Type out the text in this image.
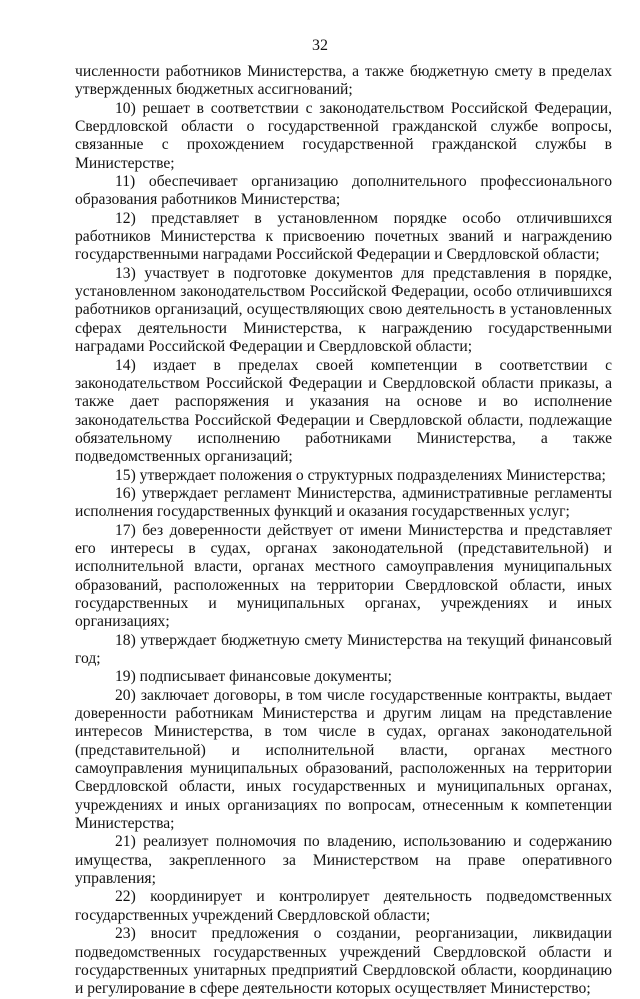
32

численности работников Министерства, а также бюджетную смету в пределах утвержденных бюджетных ассигнований;

10) решает в соответствии с законодательством Российской Федерации, Свердловской области о государственной гражданской службе вопросы, связанные с прохождением государственной гражданской службы в Министерстве;

11) обеспечивает организацию дополнительного профессионального образования работников Министерства;

12) представляет в установленном порядке особо отличившихся работников Министерства к присвоению почетных званий и награждению государственными наградами Российской Федерации и Свердловской области;

13) участвует в подготовке документов для представления в порядке, установленном законодательством Российской Федерации, особо отличившихся работников организаций, осуществляющих свою деятельность в установленных сферах деятельности Министерства, к награждению государственными наградами Российской Федерации и Свердловской области;

14) издает в пределах своей компетенции в соответствии с законодательством Российской Федерации и Свердловской области приказы, а также дает распоряжения и указания на основе и во исполнение законодательства Российской Федерации и Свердловской области, подлежащие обязательному исполнению работниками Министерства, а также подведомственных организаций;

15) утверждает положения о структурных подразделениях Министерства;

16) утверждает регламент Министерства, административные регламенты исполнения государственных функций и оказания государственных услуг;

17) без доверенности действует от имени Министерства и представляет его интересы в судах, органах законодательной (представительной) и исполнительной власти, органах местного самоуправления муниципальных образований, расположенных на территории Свердловской области, иных государственных и муниципальных органах, учреждениях и иных организациях;

18) утверждает бюджетную смету Министерства на текущий финансовый год;

19) подписывает финансовые документы;

20) заключает договоры, в том числе государственные контракты, выдает доверенности работникам Министерства и другим лицам на представление интересов Министерства, в том числе в судах, органах законодательной (представительной) и исполнительной власти, органах местного самоуправления муниципальных образований, расположенных на территории Свердловской области, иных государственных и муниципальных органах, учреждениях и иных организациях по вопросам, отнесенным к компетенции Министерства;

21) реализует полномочия по владению, использованию и содержанию имущества, закрепленного за Министерством на праве оперативного управления;

22) координирует и контролирует деятельность подведомственных государственных учреждений Свердловской области;

23) вносит предложения о создании, реорганизации, ликвидации подведомственных государственных учреждений Свердловской области и государственных унитарных предприятий Свердловской области, координацию и регулирование в сфере деятельности которых осуществляет Министерство;
